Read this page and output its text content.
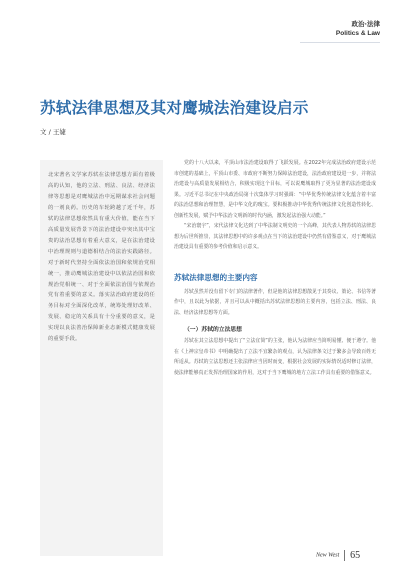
政治·法律
Politics & Law
苏轼法律思想及其对鹰城法治建设启示
文 / 王婕
北宋著名文学家苏轼在法律思想方面有着极高的认知，他的立法、刑法、良法、经济法律等思想是对鹰城法治中远期谋求社会问题的一剂良药。历史的车轮跨越了近千年，苏轼的法律思想依然具有重大价值，能在当下高质量发展背景下的法治建设中突出其中宝贵的法治思想有着重大意义，是在法治建设中治理规则与道德相结合的法治实践路径。对于新时代坚持全面依法治国和依规治党相统一，推动鹰城法治建设中以依法治国和依规治党相统一、对于全面依法治国与依规治党有着重要的意义。落实法治政府建设的任务目标对全面深化改革，统筹处理好改革、发展、稳定的关系具有十分重要的意义，是实现以良法善治保障新业态新模式健康发展的重要手段。

党的十八大以来，平顶山市法治建设取得了飞跃发展。在2022年完成法治政府建设示范市创建的基础上，平顶山市委、市政府不断努力保障法治建设，法治政府建设进一步，并将法治建设与高质量发展相结合，积极实现这个目标，可以说鹰城取得了更为显著的法治建设成果。习近平总书记在中央政治局第十次集体学习时强调：“中华优秀传统法律文化蕴含着丰富的法治思想和治理智慧，是中华文化的瑰宝。要积极推动中华优秀传统法律文化创造性转化、创新性发展，赋予中华法治文明新的时代内涵，激发起法治强大动能。”

“宋治寰宇”，宋代法律文化达到了中华法制文明史的一个高峰，其代表人物苏轼的法律思想为后世所推崇，其法律思想中的许多观点在当下的法治建设中仍然有借鉴意义，对于鹰城法治建设具有重要的参考价值和启示意义。

苏轼法律思想的主要内容

苏轼虽然并没有留下专门的法律著作，但是他的法律思想散见于其奏议、策论、书信等著作中，且以此为依据，并且可以从中概括出苏轼法律思想的主要内容，包括立法、刑法、良法、经济法律思想等方面。

（一）苏轼的立法思想

苏轼在其立法思想中提出了“立法宜简”的主张，他认为法律应当简明易懂、便于遵守。他在《上神宗皇帝书》中明确提出了立法不宜繁杂的观点，认为法律条文过于繁多会导致百姓无所适从。苏轼的立法思想还主张法律应当因时而变，根据社会发展的实际情况适时修订法律，使法律能够真正发挥治理国家的作用，这对于当下鹰城的地方立法工作具有重要的借鉴意义。

New West 65
